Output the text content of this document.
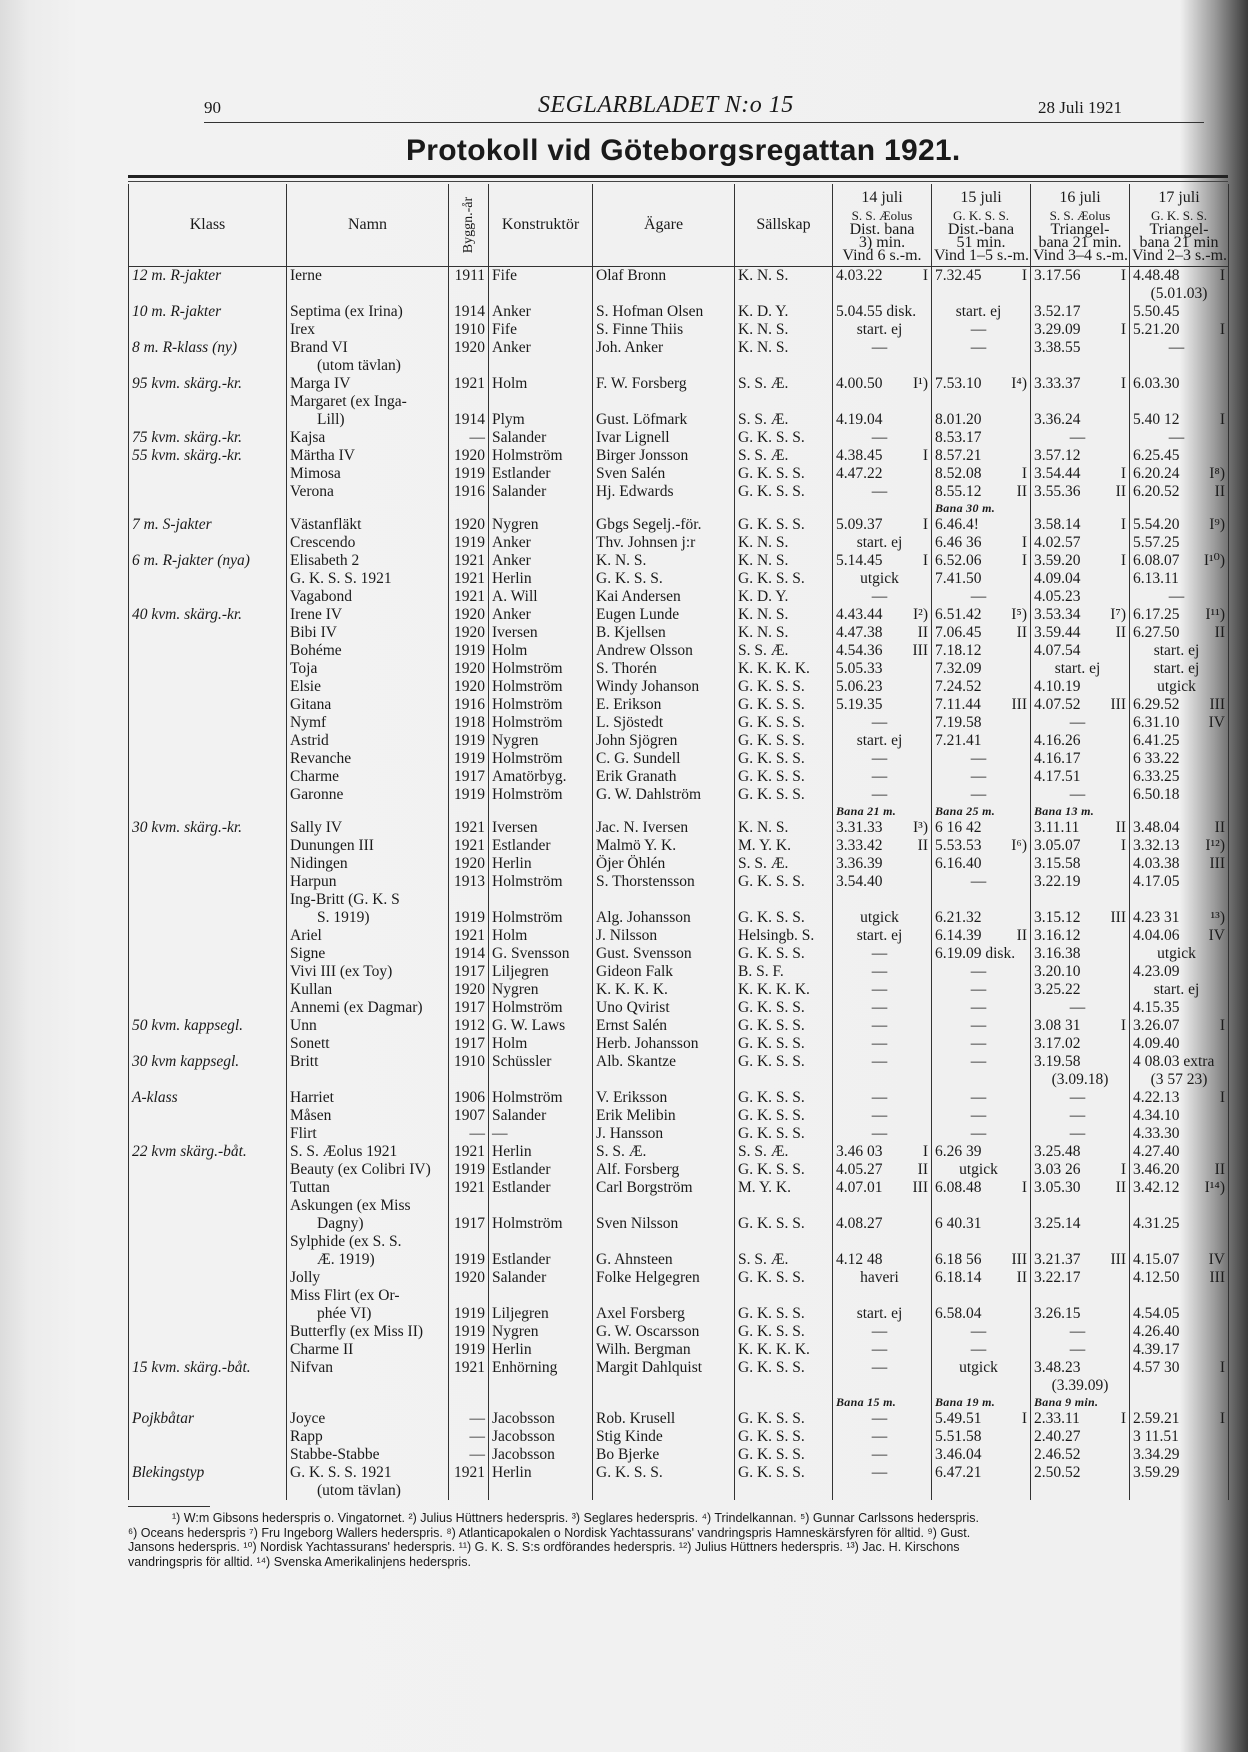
90	SEGLARBLADET N:o 15	28 Juli 1921
Protokoll vid Göteborgsregattan 1921.
Klass	Namn	Byggn.-år	Konstruktör	Ägare	Sällskap	14 juli
S. S. Æolus
Dist. bana
3) min.
Vind 6 s.-m.	15 juli
G. K. S. S.
Dist.-bana
51 min.
Vind 1–5 s.-m.	16 juli
S. S. Æolus
Triangel-
bana 21 min.
Vind 3–4 s.-m.	17 juli
G. K. S. S.
Triangel-
bana 21 min
Vind 2–3 s.-m.

12 m. R-jakter	Ierne	1911	Fife	Olaf Bronn	K. N. S.	4.03.22 I	7.32.45 I	3.17.56 I	4.48.48 I

									(5.01.03)
10 m. R-jakter	Septima (ex Irina)	1914	Anker	S. Hofman Olsen	K. D. Y.	5.04.55 disk.	start. ej	3.52.17	5.50.45

	Irex	1910	Fife	S. Finne Thiis	K. N. S.	start. ej	—	3.29.09 I	5.21.20 I

8 m. R-klass (ny)	Brand VI	1920	Anker	Joh. Anker	K. N. S.	—	—	3.38.55	—

	(utom tävlan)					

95 kvm. skärg.-kr.	Marga IV	1921	Holm	F. W. Forsberg	S. S. Æ.	4.00.50 I¹)	7.53.10 I⁴)	3.33.37 I	6.03.30

	Margaret (ex Inga-					

	Lill)	1914	Plym	Gust. Löfmark	S. S. Æ.	4.19.04	8.01.20	3.36.24	5.40 12 I

75 kvm. skärg.-kr.	Kajsa	—	Salander	Ivar Lignell	G. K. S. S.	—	8.53.17	—	—

55 kvm. skärg.-kr.	Märtha IV	1920	Holmström	Birger Jonsson	S. S. Æ.	4.38.45 I	8.57.21	3.57.12	6.25.45

	Mimosa	1919	Estlander	Sven Salén	G. K. S. S.	4.47.22	8.52.08 I	3.54.44 I	6.20.24 I⁸)

	Verona	1916	Salander	Hj. Edwards	G. K. S. S.	—	8.55.12 II	3.55.36 II	6.20.52 II

							Bana 30 m.		
7 m. S-jakter	Västanfläkt	1920	Nygren	Gbgs Segelj.-för.	G. K. S. S.	5.09.37 I	6.46.4!	3.58.14 I	5.54.20 I⁹)

	Crescendo	1919	Anker	Thv. Johnsen j:r	K. N. S.	start. ej	6.46 36 I	4.02.57	5.57.25

6 m. R-jakter (nya)	Elisabeth 2	1921	Anker	K. N. S.	K. N. S.	5.14.45 I	6.52.06 I	3.59.20 I	6.08.07 I¹⁰)

	G. K. S. S. 1921	1921	Herlin	G. K. S. S.	G. K. S. S.	utgick	7.41.50	4.09.04	6.13.11

	Vagabond	1921	A. Will	Kai Andersen	K. D. Y.	—	—	4.05.23	—

40 kvm. skärg.-kr.	Irene IV	1920	Anker	Eugen Lunde	K. N. S.	4.43.44 I²)	6.51.42 I⁵)	3.53.34 I⁷)	6.17.25 I¹¹)

	Bibi IV	1920	Iversen	B. Kjellsen	K. N. S.	4.47.38 II	7.06.45 II	3.59.44 II	6.27.50 II

	Bohéme	1919	Holm	Andrew Olsson	S. S. Æ.	4.54.36 III	7.18.12	4.07.54	start. ej

	Toja	1920	Holmström	S. Thorén	K. K. K. K.	5.05.33	7.32.09	start. ej	start. ej

	Elsie	1920	Holmström	Windy Johanson	G. K. S. S.	5.06.23	7.24.52	4.10.19	utgick

	Gitana	1916	Holmström	E. Erikson	G. K. S. S.	5.19.35	7.11.44 III	4.07.52 III	6.29.52 III

	Nymf	1918	Holmström	L. Sjöstedt	G. K. S. S.	—	7.19.58	—	6.31.10 IV

	Astrid	1919	Nygren	John Sjögren	G. K. S. S.	start. ej	7.21.41	4.16.26	6.41.25

	Revanche	1919	Holmström	C. G. Sundell	G. K. S. S.	—	—	4.16.17	6 33.22

	Charme	1917	Amatörbyg.	Erik Granath	G. K. S. S.	—	—	4.17.51	6.33.25

	Garonne	1919	Holmström	G. W. Dahlström	G. K. S. S.	—	—	—	6.50.18

						Bana 21 m.	Bana 25 m.	Bana 13 m.	
30 kvm. skärg.-kr.	Sally IV	1921	Iversen	Jac. N. Iversen	K. N. S.	3.31.33 I³)	6 16 42	3.11.11 II	3.48.04 II

	Dunungen III	1921	Estlander	Malmö Y. K.	M. Y. K.	3.33.42 II	5.53.53 I⁶)	3.05.07 I	3.32.13 I¹²)

	Nidingen	1920	Herlin	Öjer Öhlén	S. S. Æ.	3.36.39	6.16.40	3.15.58	4.03.38 III

	Harpun	1913	Holmström	S. Thorstensson	G. K. S. S.	3.54.40	—	3.22.19	4.17.05

	Ing-Britt (G. K. S					

	S. 1919)	1919	Holmström	Alg. Johansson	G. K. S. S.	utgick	6.21.32	3.15.12 III	4.23 31 ¹³)

	Ariel	1921	Holm	J. Nilsson	Helsingb. S.	start. ej	6.14.39 II	3.16.12	4.04.06 IV

	Signe	1914	G. Svensson	Gust. Svensson	G. K. S. S.	—	6.19.09 disk.	3.16.38	utgick

	Vivi III (ex Toy)	1917	Liljegren	Gideon Falk	B. S. F.	—	—	3.20.10	4.23.09

	Kullan	1920	Nygren	K. K. K. K.	K. K. K. K.	—	—	3.25.22	start. ej

	Annemi (ex Dagmar)	1917	Holmström	Uno Qvirist	G. K. S. S.	—	—	—	4.15.35

50 kvm. kappsegl.	Unn	1912	G. W. Laws	Ernst Salén	G. K. S. S.	—	—	3.08 31 I	3.26.07 I

	Sonett	1917	Holm	Herb. Johansson	G. K. S. S.	—	—	3.17.02	4.09.40

30 kvm kappsegl.	Britt	1910	Schüssler	Alb. Skantze	G. K. S. S.	—	—	3.19.58	4 08.03 extra

								(3.09.18)	(3 57 23)
A-klass	Harriet	1906	Holmström	V. Eriksson	G. K. S. S.	—	—	—	4.22.13 I

	Måsen	1907	Salander	Erik Melibin	G. K. S. S.	—	—	—	4.34.10

	Flirt	—	—	J. Hansson	G. K. S. S.	—	—	—	4.33.30

22 kvm skärg.-båt.	S. S. Æolus 1921	1921	Herlin	S. S. Æ.	S. S. Æ.	3.46 03 I	6.26 39	3.25.48	4.27.40

	Beauty (ex Colibri IV)	1919	Estlander	Alf. Forsberg	G. K. S. S.	4.05.27 II	utgick	3.03 26 I	3.46.20 II

	Tuttan	1921	Estlander	Carl Borgström	M. Y. K.	4.07.01 III	6.08.48 I	3.05.30 II	3.42.12 I¹⁴)

	Askungen (ex Miss					

	Dagny)	1917	Holmström	Sven Nilsson	G. K. S. S.	4.08.27	6 40.31	3.25.14	4.31.25

	Sylphide (ex S. S.					

	Æ. 1919)	1919	Estlander	G. Ahnsteen	S. S. Æ.	4.12 48	6.18 56 III	3.21.37 III	4.15.07 IV

	Jolly	1920	Salander	Folke Helgegren	G. K. S. S.	haveri	6.18.14 II	3.22.17	4.12.50 III

	Miss Flirt (ex Or-					

	phée VI)	1919	Liljegren	Axel Forsberg	G. K. S. S.	start. ej	6.58.04	3.26.15	4.54.05

	Butterfly (ex Miss II)	1919	Nygren	G. W. Oscarsson	G. K. S. S.	—	—	—	4.26.40

	Charme II	1919	Herlin	Wilh. Bergman	K. K. K. K.	—	—	—	4.39.17

15 kvm. skärg.-båt.	Nifvan	1921	Enhörning	Margit Dahlquist	G. K. S. S.	—	utgick	3.48.23	4.57 30 I

								(3.39.09)	
						Bana 15 m.	Bana 19 m.	Bana 9 min.	
Pojkbåtar	Joyce	—	Jacobsson	Rob. Krusell	G. K. S. S.	—	5.49.51 I	2.33.11 I	2.59.21 I

	Rapp	—	Jacobsson	Stig Kinde	G. K. S. S.	—	5.51.58	2.40.27	3 11.51

	Stabbe-Stabbe	—	Jacobsson	Bo Bjerke	G. K. S. S.	—	3.46.04	2.46.52	3.34.29

Blekingstyp	G. K. S. S. 1921	1921	Herlin	G. K. S. S.	G. K. S. S.	—	6.47.21	2.50.52	3.59.29

	(utom tävlan)					

¹) W:m Gibsons hederspris o. Vingatornet. ²) Julius Hüttners hederspris. ³) Seglares hederspris. ⁴) Trindelkannan. ⁵) Gunnar Carlssons hederspris.
⁶) Oceans hederspris ⁷) Fru Ingeborg Wallers hederspris. ⁸) Atlanticapokalen o Nordisk Yachtassurans' vandringspris Hamneskärsfyren för alltid. ⁹) Gust.
Jansons hederspris. ¹⁰) Nordisk Yachtassurans' hederspris. ¹¹) G. K. S. S:s ordförandes hederspris. ¹²) Julius Hüttners hederspris. ¹³) Jac. H. Kirschons
vandringspris för alltid. ¹⁴) Svenska Amerikalinjens hederspris.
